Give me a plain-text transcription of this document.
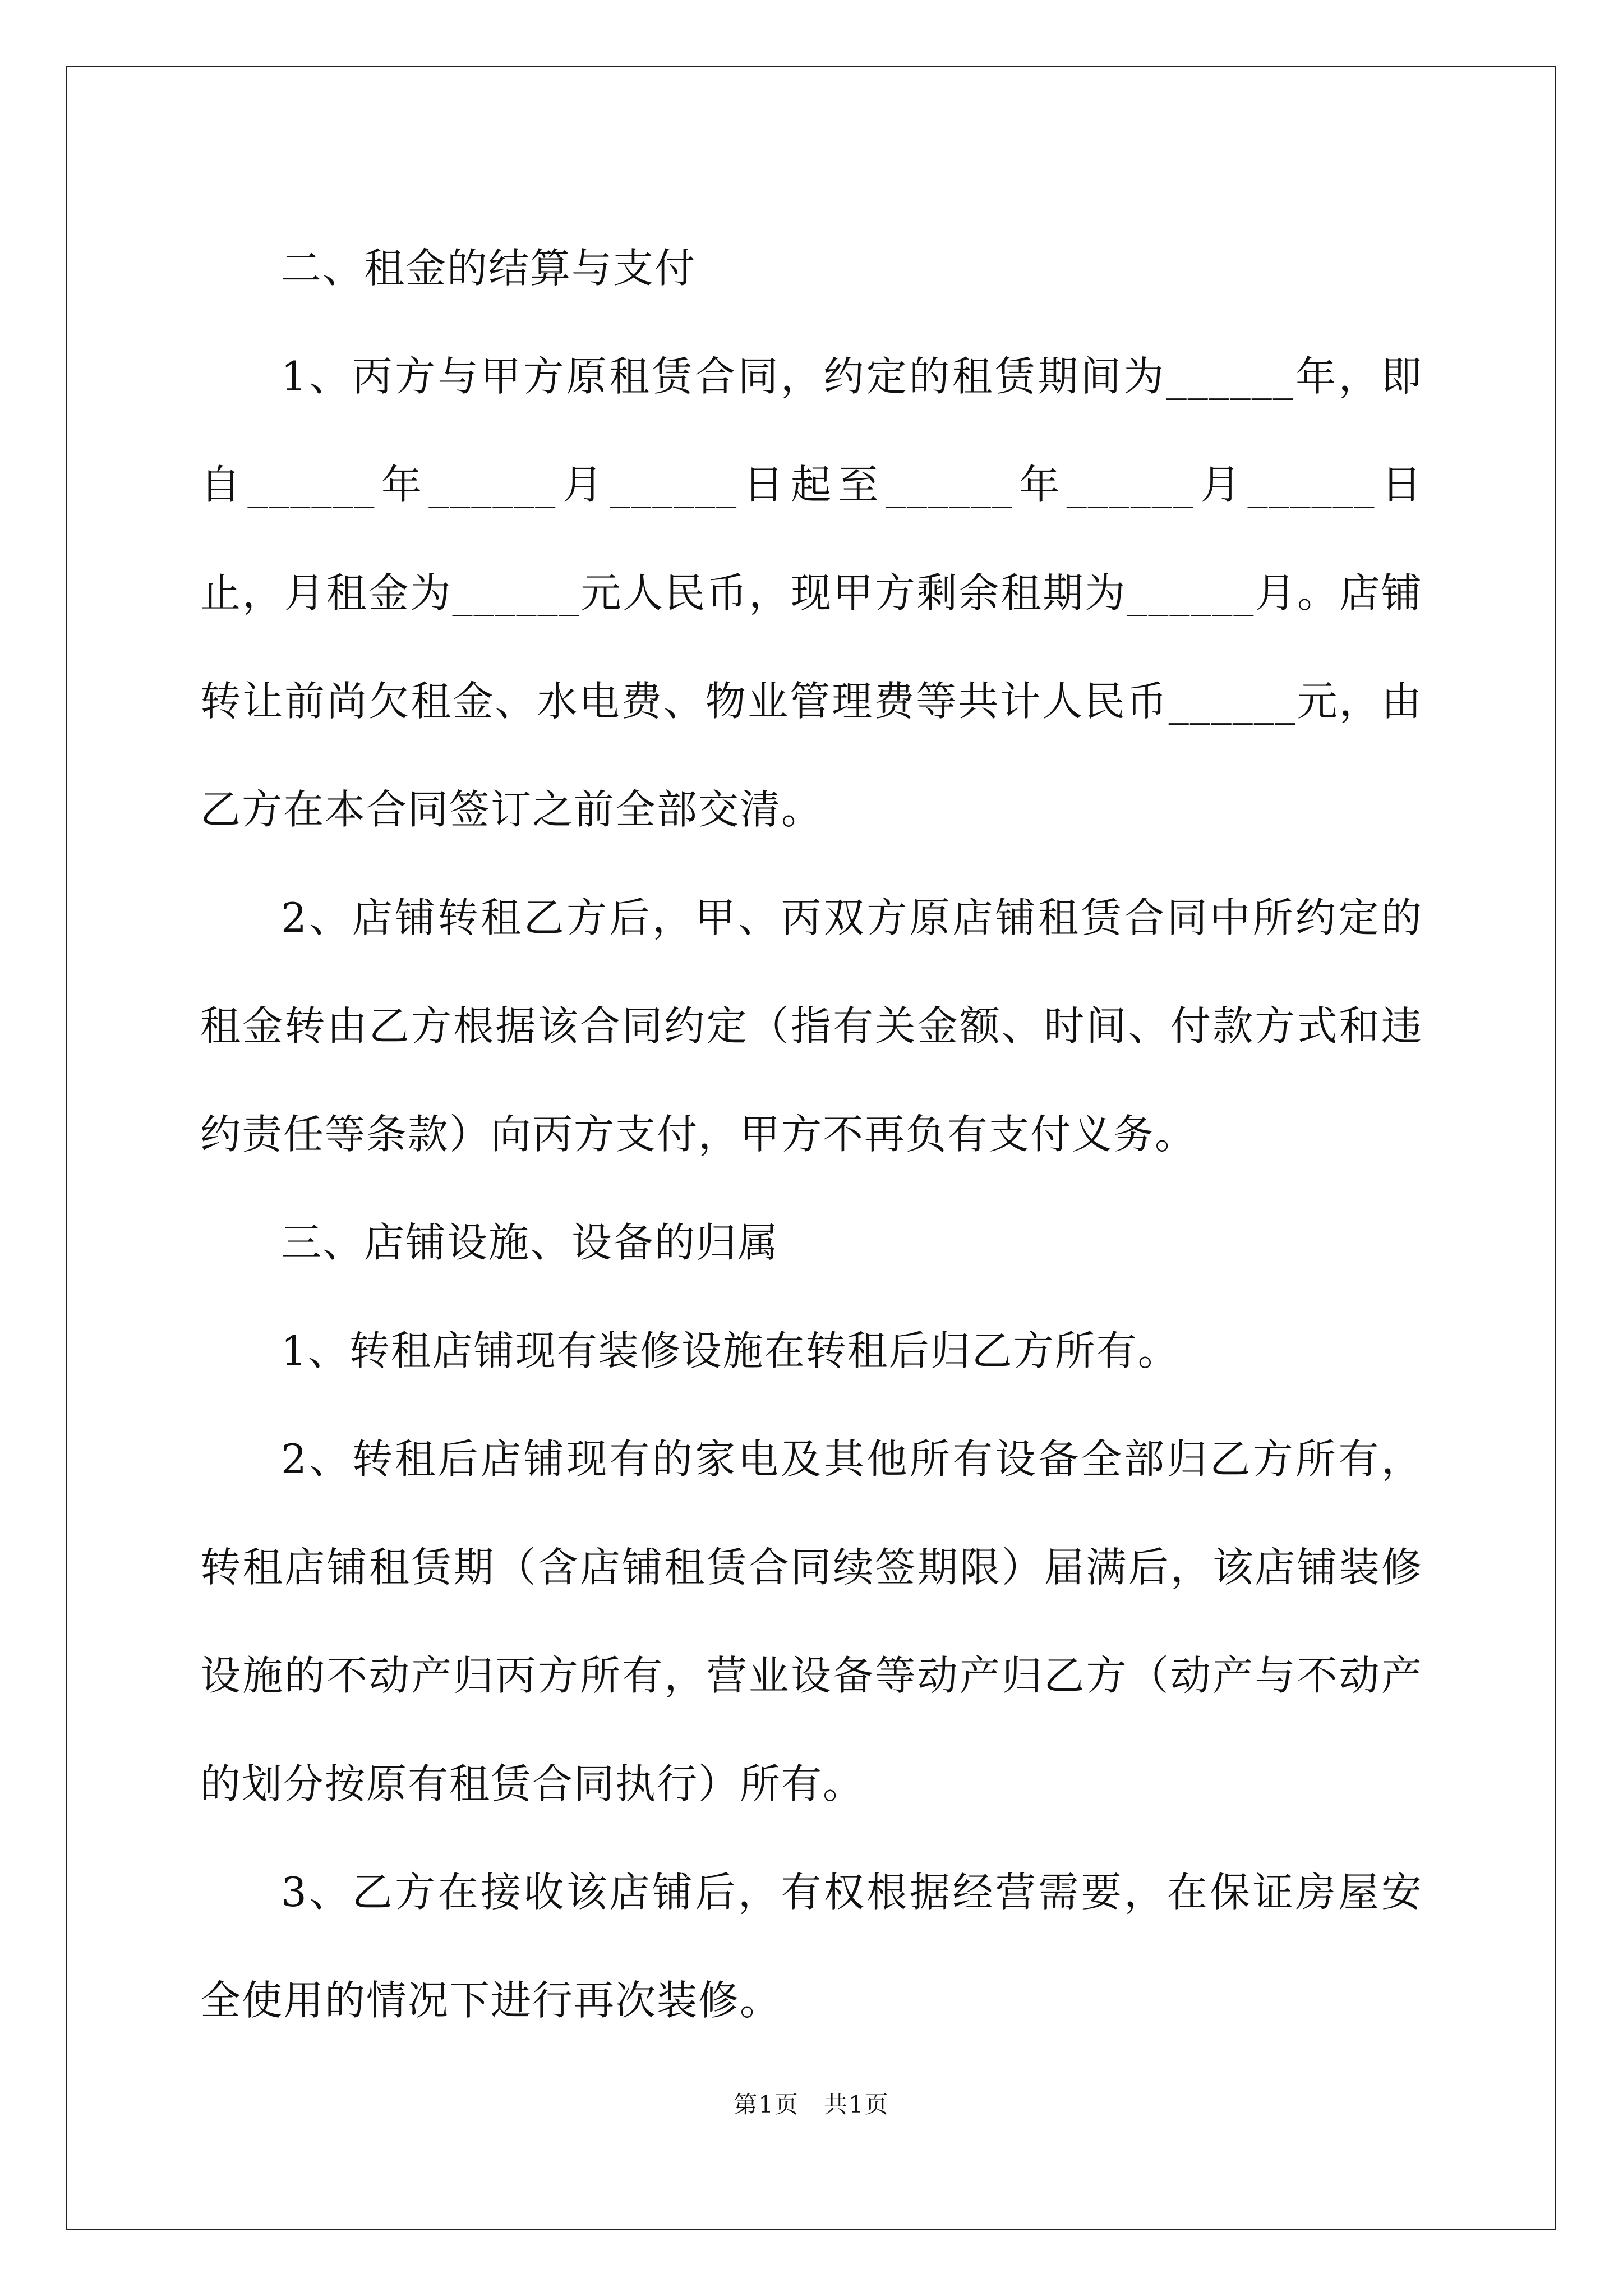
二、租金的结算与支付

1、丙方与甲方原租赁合同，约定的租赁期间为______年，即自______年______月______日起至______年______月______日止，月租金为______元人民币，现甲方剩余租期为______月。店铺转让前尚欠租金、水电费、物业管理费等共计人民币______元，由乙方在本合同签订之前全部交清。

2、店铺转租乙方后，甲、丙双方原店铺租赁合同中所约定的租金转由乙方根据该合同约定（指有关金额、时间、付款方式和违约责任等条款）向丙方支付，甲方不再负有支付义务。

三、店铺设施、设备的归属

1、转租店铺现有装修设施在转租后归乙方所有。

2、转租后店铺现有的家电及其他所有设备全部归乙方所有，转租店铺租赁期（含店铺租赁合同续签期限）届满后，该店铺装修设施的不动产归丙方所有，营业设备等动产归乙方（动产与不动产的划分按原有租赁合同执行）所有。

3、乙方在接收该店铺后，有权根据经营需要，在保证房屋安全使用的情况下进行再次装修。

第1页　共1页
